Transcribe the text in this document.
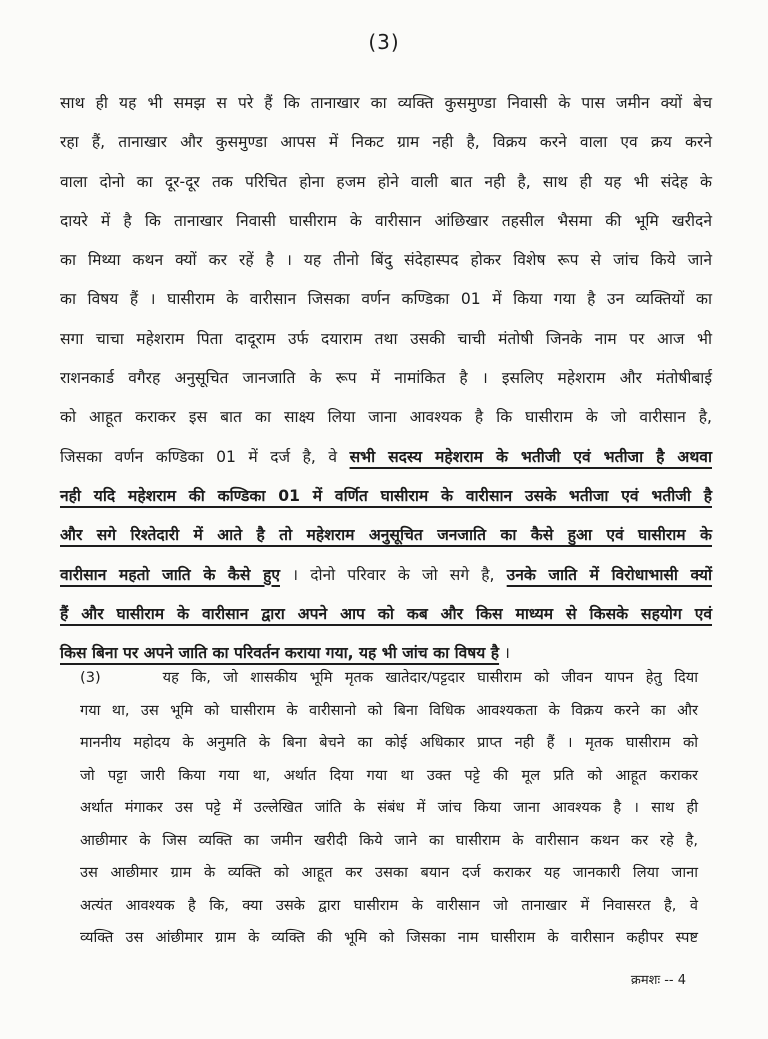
(3)
साथ ही यह भी समझ स परे हैं कि तानाखार का व्यक्ति कुसमुण्डा निवासी के पास जमीन क्यों बेच
रहा हैं, तानाखार और कुसमुण्डा आपस में निकट ग्राम नही है, विक्रय करने वाला एव क्रय करने
वाला दोनो का दूर-दूर तक परिचित होना हजम होने वाली बात नही है, साथ ही यह भी संदेह के
दायरे में है कि तानाखार निवासी घासीराम के वारीसान आंछिखार तहसील भैसमा की भूमि खरीदने
का मिथ्या कथन क्यों कर रहें है । यह तीनो बिंदु संदेहास्पद होकर विशेष रूप से जांच किये जाने
का विषय हैं । घासीराम के वारीसान जिसका वर्णन कण्डिका 01 में किया गया है उन व्यक्तियों का
सगा चाचा महेशराम पिता दादूराम उर्फ दयाराम तथा उसकी चाची मंतोषी जिनके नाम पर आज भी
राशनकार्ड वगैरह अनुसूचित जानजाति के रूप में नामांकित है । इसलिए महेशराम और मंतोषीबाई
को आहूत कराकर इस बात का साक्ष्य लिया जाना आवश्यक है कि घासीराम के जो वारीसान है,
जिसका वर्णन कण्डिका 01 में दर्ज है, वे सभी सदस्य महेशराम के भतीजी एवं भतीजा है अथवा
नही यदि महेशराम की कण्डिका 01 में वर्णित घासीराम के वारीसान उसके भतीजा एवं भतीजी है
और सगे रिश्तेदारी में आते है तो महेशराम अनुसूचित जनजाति का कैसे हुआ एवं घासीराम के
वारीसान महतो जाति के कैसे हुए । दोनो परिवार के जो सगे है, उनके जाति में विरोधाभासी क्यों
हैं और घासीराम के वारीसान द्वारा अपने आप को कब और किस माध्यम से किसके सहयोग एवं
किस बिना पर अपने जाति का परिवर्तन कराया गया, यह भी जांच का विषय है ।
(3)     यह कि, जो शासकीय भूमि मृतक खातेदार/पट्टदार घासीराम को जीवन यापन हेतु दिया
गया था, उस भूमि को घासीराम के वारीसानो को बिना विधिक आवश्यकता के विक्रय करने का और
माननीय महोदय के अनुमति के बिना बेचने का कोई अधिकार प्राप्त नही हैं । मृतक घासीराम को
जो पट्टा जारी किया गया था, अर्थात दिया गया था उक्त पट्टे की मूल प्रति को आहूत कराकर
अर्थात मंगाकर उस पट्टे में उल्लेखित जांति के संबंध में जांच किया जाना आवश्यक है । साथ ही
आछीमार के जिस व्यक्ति का जमीन खरीदी किये जाने का घासीराम के वारीसान कथन कर रहे है,
उस आछीमार ग्राम के व्यक्ति को आहूत कर उसका बयान दर्ज कराकर यह जानकारी लिया जाना
अत्यंत आवश्यक है कि, क्या उसके द्वारा घासीराम के वारीसान जो तानाखार में निवासरत है, वे
व्यक्ति उस आंछीमार ग्राम के व्यक्ति की भूमि को जिसका नाम घासीराम के वारीसान कहीपर स्पष्ट
क्रमशः -- 4
